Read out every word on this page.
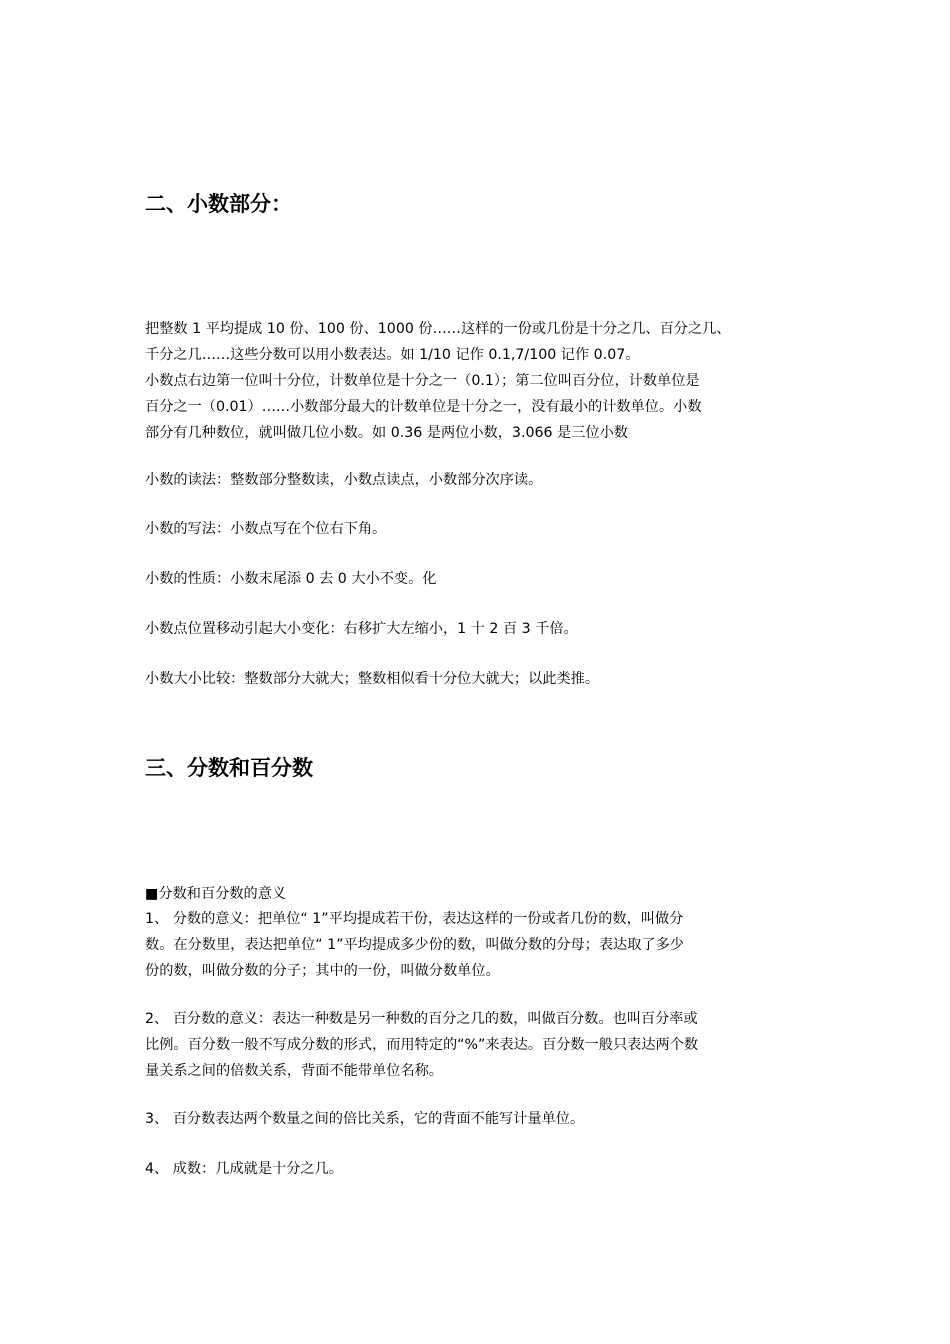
二、小数部分：
把整数 1 平均提成 10 份、100 份、1000 份……这样的一份或几份是十分之几、百分之几、
千分之几……这些分数可以用小数表达。如 1/10 记作 0.1,7/100 记作 0.07。
小数点右边第一位叫十分位，计数单位是十分之一（0.1）；第二位叫百分位，计数单位是
百分之一（0.01）……小数部分最大的计数单位是十分之一，没有最小的计数单位。小数
部分有几种数位，就叫做几位小数。如 0.36 是两位小数，3.066 是三位小数

小数的读法：整数部分整数读，小数点读点，小数部分次序读。

小数的写法：小数点写在个位右下角。

小数的性质：小数末尾添 0 去 0 大小不变。化

小数点位置移动引起大小变化：右移扩大左缩小，1 十 2 百 3 千倍。

小数大小比较：整数部分大就大；整数相似看十分位大就大；以此类推。

三、分数和百分数

■分数和百分数的意义

1、 分数的意义：把单位“ 1”平均提成若干份，表达这样的一份或者几份的数，叫做分
数。在分数里，表达把单位“ 1”平均提成多少份的数，叫做分数的分母；表达取了多少
份的数，叫做分数的分子；其中的一份，叫做分数单位。
2、 百分数的意义：表达一种数是另一种数的百分之几的数，叫做百分数。也叫百分率或
比例。百分数一般不写成分数的形式，而用特定的“%”来表达。百分数一般只表达两个数
量关系之间的倍数关系，背面不能带单位名称。

3、 百分数表达两个数量之间的倍比关系，它的背面不能写计量单位。

4、 成数：几成就是十分之几。
